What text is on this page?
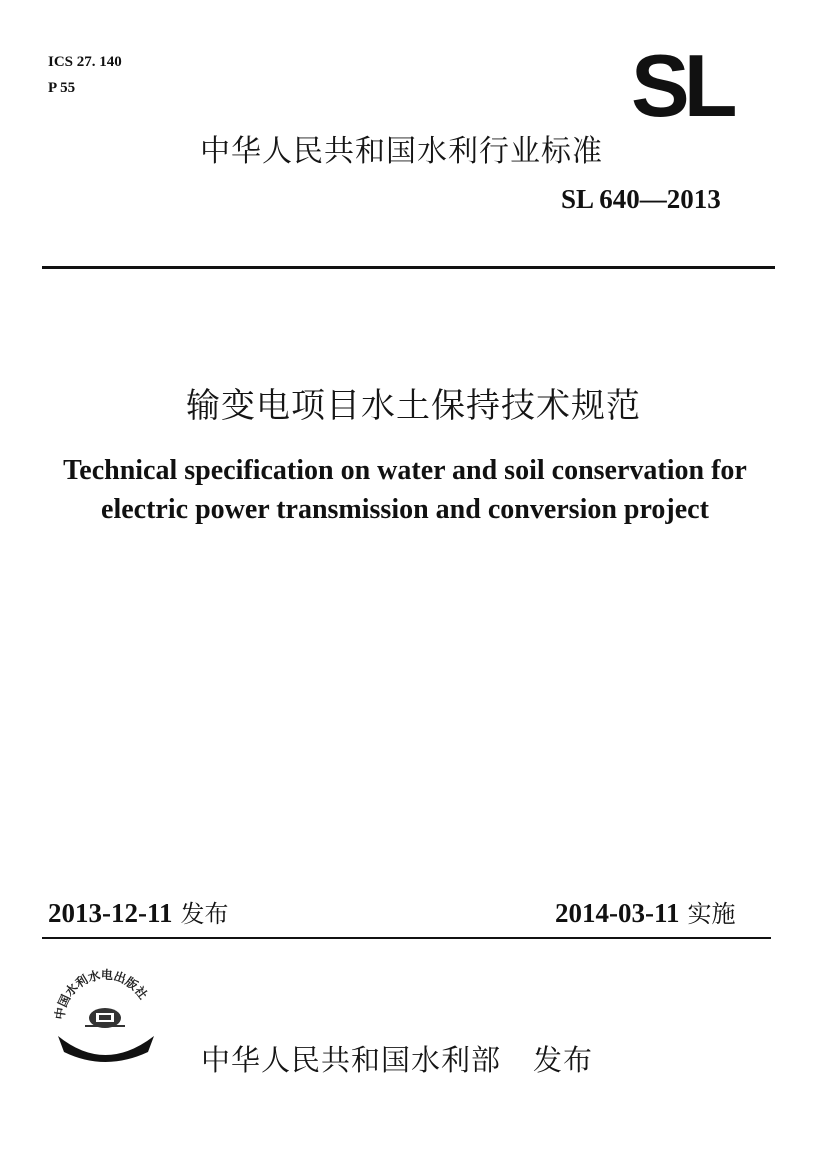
ICS 27. 140
P 55	SL
中华人民共和国水利行业标准
SL 640—2013
输变电项目水土保持技术规范
Technical specification on water and soil conservation for
electric power transmission and conversion project
2013-12-11 发布	2014-03-11 实施
中国水利水电出版社
中华人民共和国水利部 发布
